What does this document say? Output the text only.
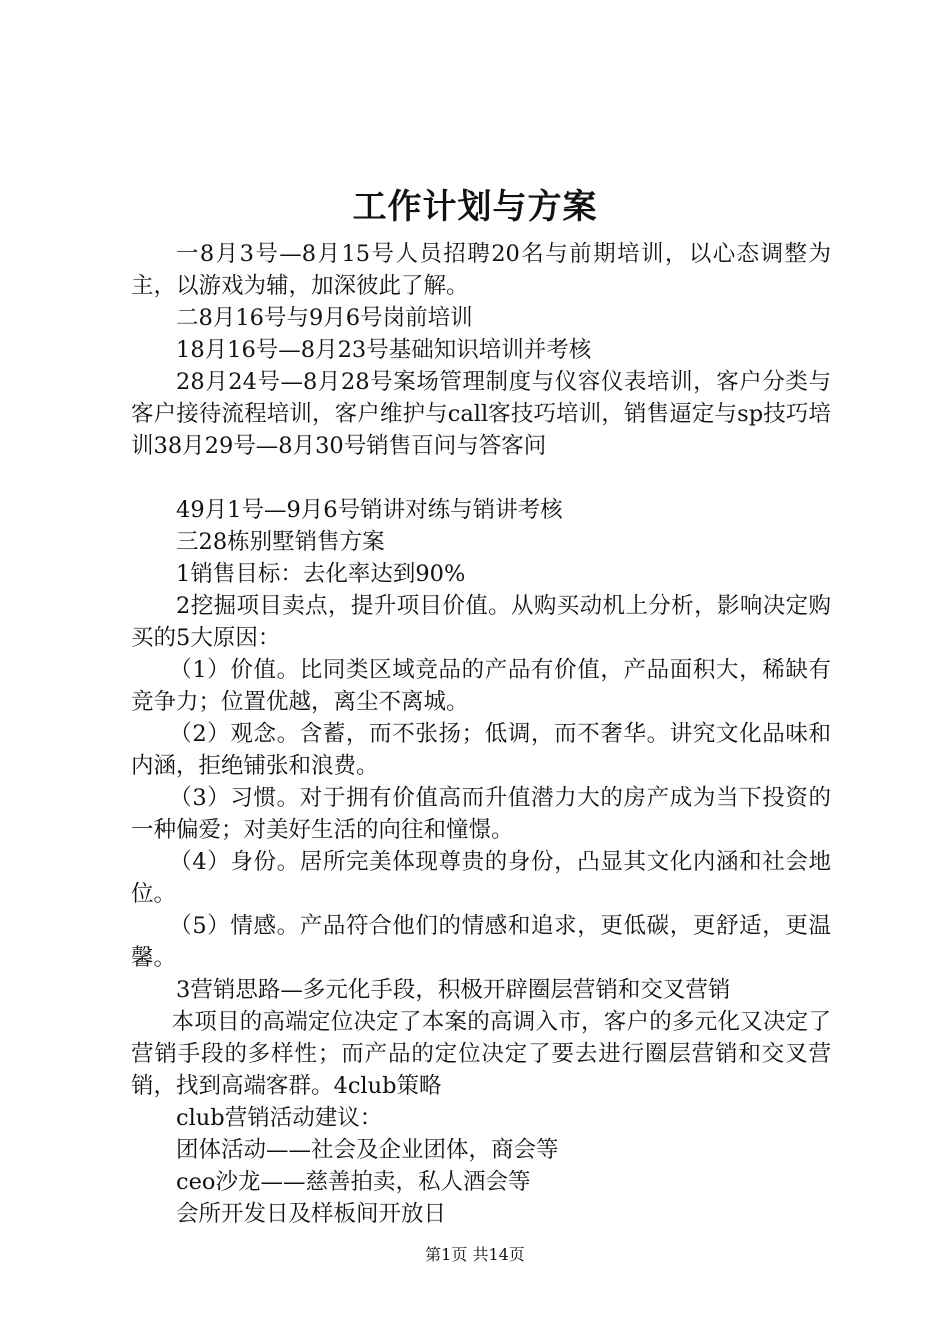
工作计划与方案

一8月3号—8月15号人员招聘20名与前期培训，以心态调整为主，以游戏为辅，加深彼此了解。

二8月16号与9月6号岗前培训

18月16号—8月23号基础知识培训并考核

28月24号—8月28号案场管理制度与仪容仪表培训，客户分类与客户接待流程培训，客户维护与call客技巧培训，销售逼定与sp技巧培训38月29号—8月30号销售百问与答客问

49月1号—9月6号销讲对练与销讲考核

三28栋别墅销售方案

1销售目标：去化率达到90%

2挖掘项目卖点，提升项目价值。从购买动机上分析，影响决定购买的5大原因：

（1）价值。比同类区域竞品的产品有价值，产品面积大，稀缺有竞争力；位置优越，离尘不离城。

（2）观念。含蓄，而不张扬；低调，而不奢华。讲究文化品味和内涵，拒绝铺张和浪费。

（3）习惯。对于拥有价值高而升值潜力大的房产成为当下投资的一种偏爱；对美好生活的向往和憧憬。

（4）身份。居所完美体现尊贵的身份，凸显其文化内涵和社会地位。

（5）情感。产品符合他们的情感和追求，更低碳，更舒适，更温馨。

3营销思路—多元化手段，积极开辟圈层营销和交叉营销

本项目的高端定位决定了本案的高调入市，客户的多元化又决定了营销手段的多样性；而产品的定位决定了要去进行圈层营销和交叉营销，找到高端客群。4club策略

club营销活动建议：

团体活动——社会及企业团体，商会等

ceo沙龙——慈善拍卖，私人酒会等

会所开发日及样板间开放日

第1页 共14页
